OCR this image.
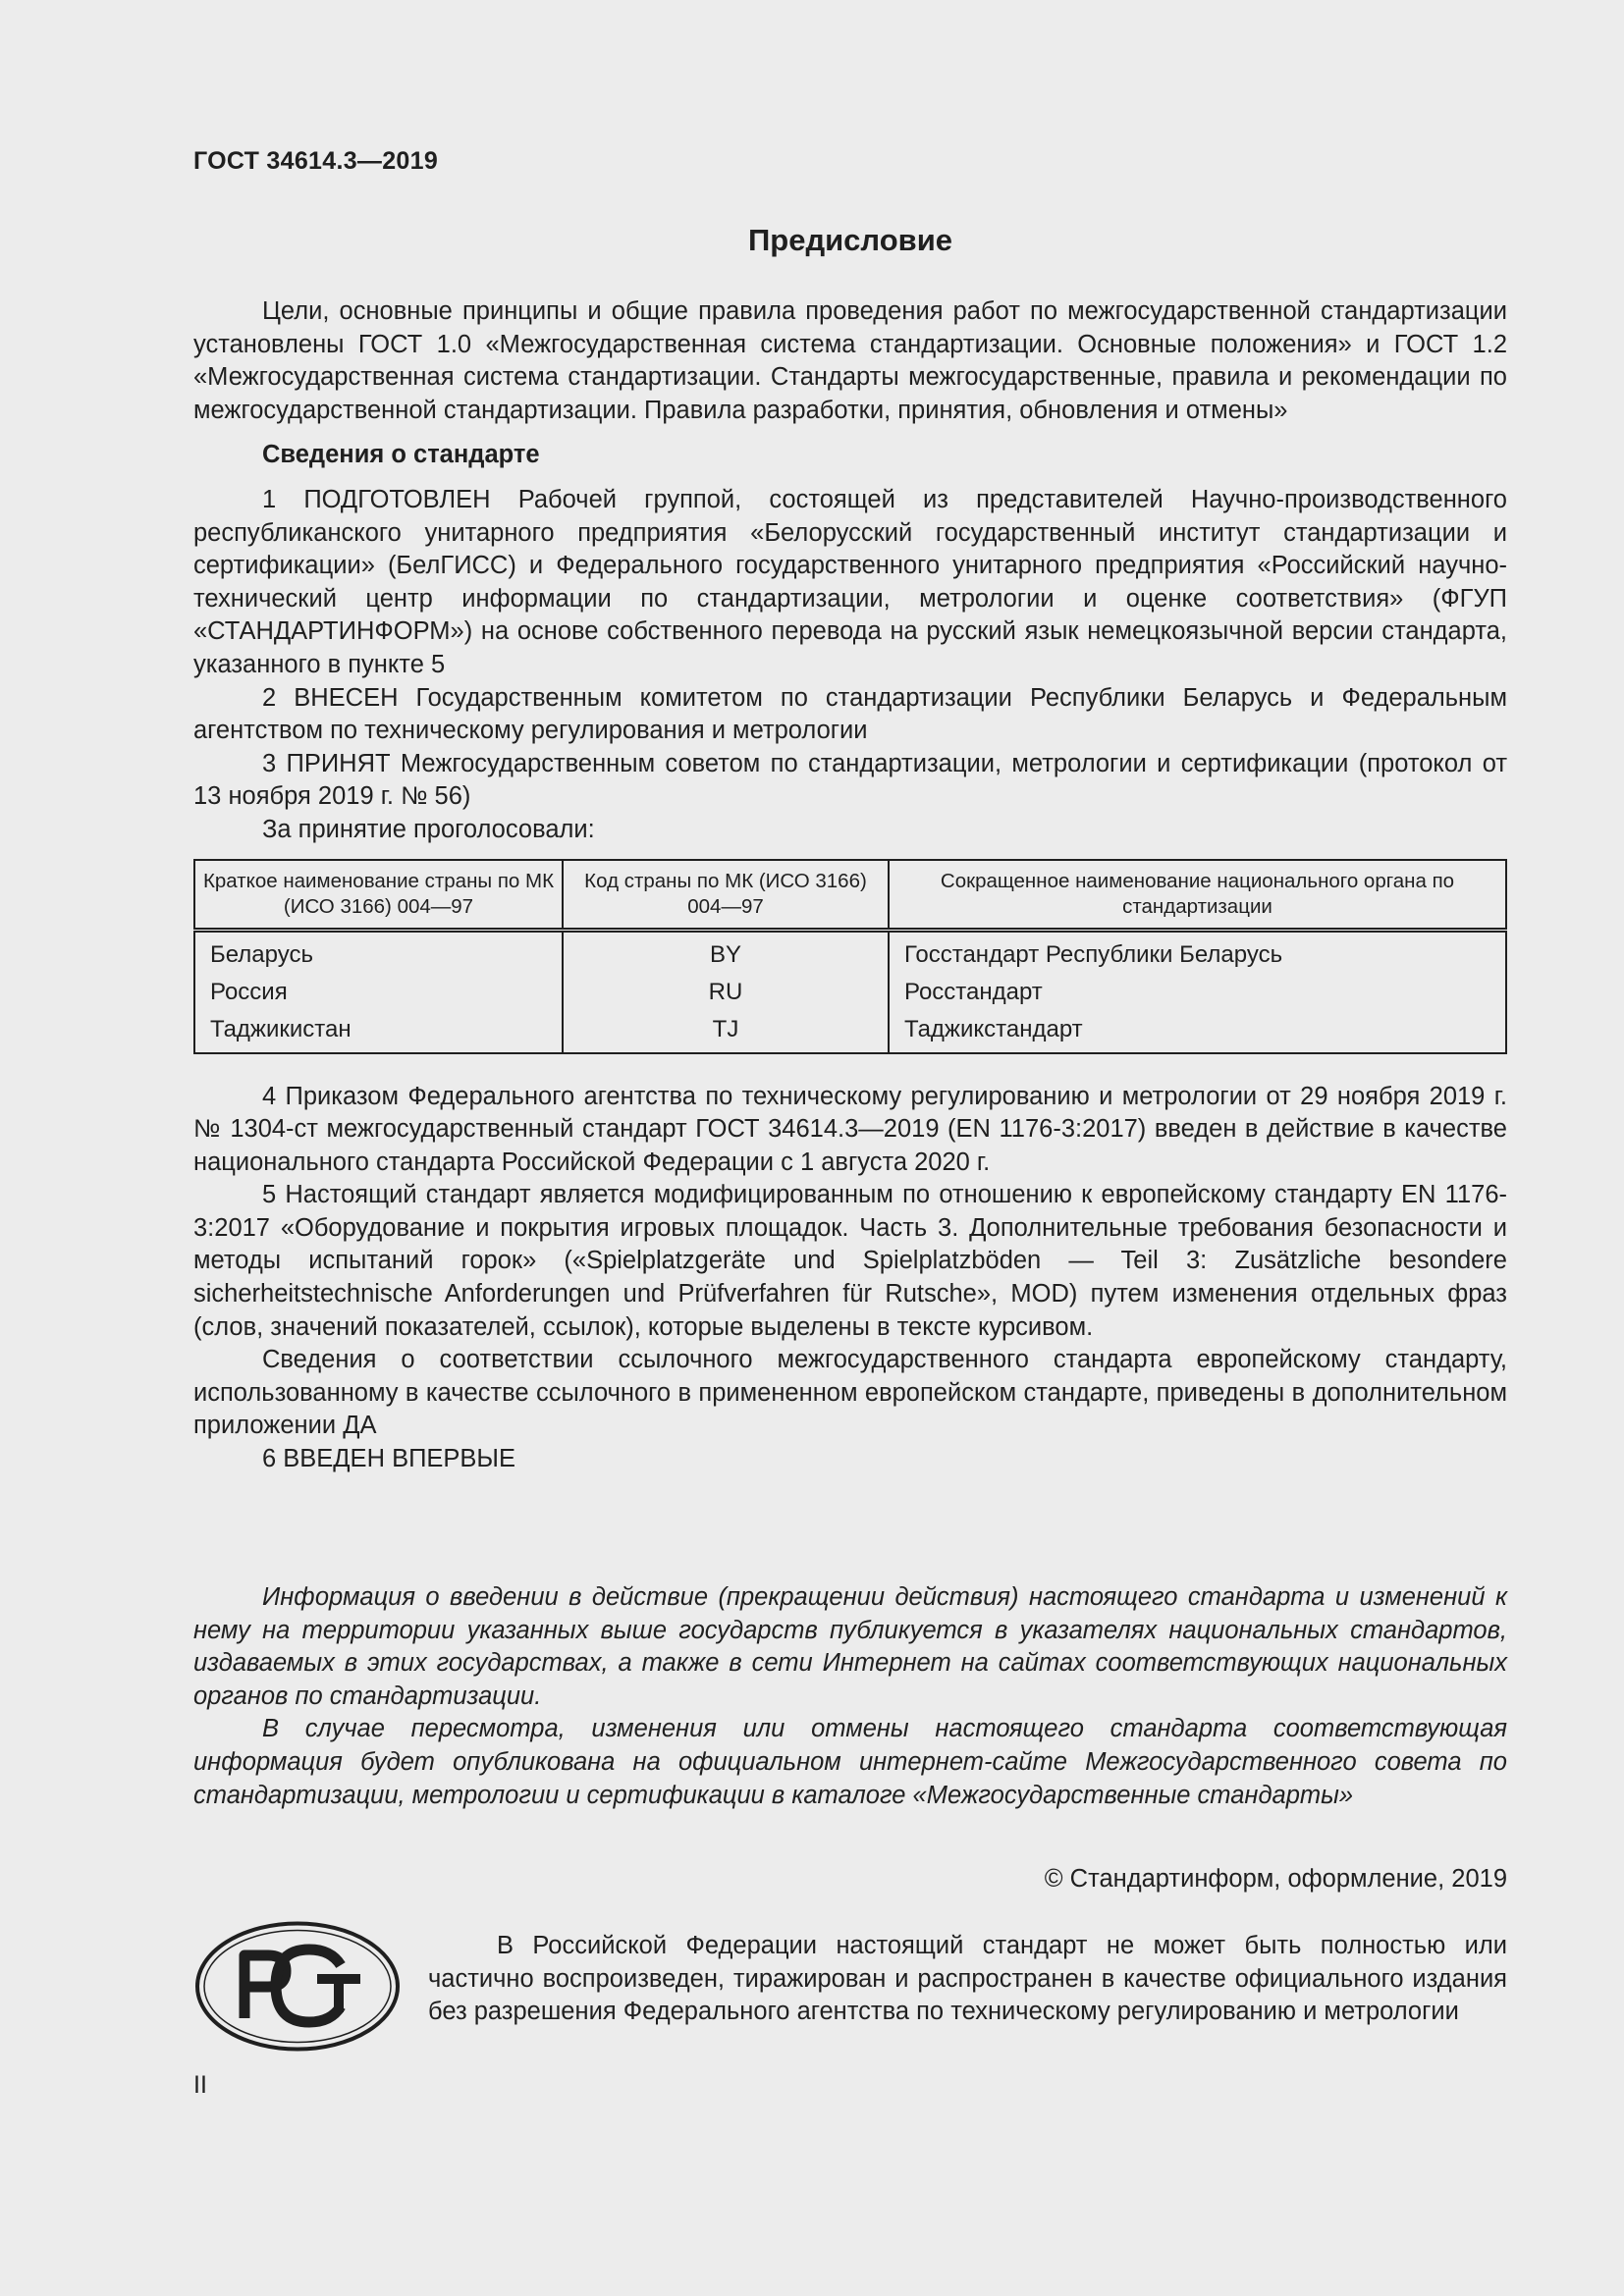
ГОСТ 34614.3—2019
Предисловие

Цели, основные принципы и общие правила проведения работ по межгосударственной стандартизации установлены ГОСТ 1.0 «Межгосударственная система стандартизации. Основные положения» и ГОСТ 1.2 «Межгосударственная система стандартизации. Стандарты межгосударственные, правила и рекомендации по межгосударственной стандартизации. Правила разработки, принятия, обновления и отмены»

Сведения о стандарте

1 ПОДГОТОВЛЕН Рабочей группой, состоящей из представителей Научно-производственного республиканского унитарного предприятия «Белорусский государственный институт стандартизации и сертификации» (БелГИСС) и Федерального государственного унитарного предприятия «Российский научно-технический центр информации по стандартизации, метрологии и оценке соответствия» (ФГУП «СТАНДАРТИНФОРМ») на основе собственного перевода на русский язык немецкоязычной версии стандарта, указанного в пункте 5

2 ВНЕСЕН Государственным комитетом по стандартизации Республики Беларусь и Федеральным агентством по техническому регулирования и метрологии

3 ПРИНЯТ Межгосударственным советом по стандартизации, метрологии и сертификации (протокол от 13 ноября 2019 г. № 56)

За принятие проголосовали:

Краткое наименование страны по МК (ИСО 3166) 004—97	Код страны по МК (ИСО 3166) 004—97	Сокращенное наименование национального органа по стандартизации
Беларусь	BY	Госстандарт Республики Беларусь
Россия	RU	Росстандарт
Таджикистан	TJ	Таджикстандарт

4 Приказом Федерального агентства по техническому регулированию и метрологии от 29 ноября 2019 г. № 1304-ст межгосударственный стандарт ГОСТ 34614.3—2019 (EN 1176-3:2017) введен в действие в качестве национального стандарта Российской Федерации с 1 августа 2020 г.

5 Настоящий стандарт является модифицированным по отношению к европейскому стандарту EN 1176-3:2017 «Оборудование и покрытия игровых площадок. Часть 3. Дополнительные требования безопасности и методы испытаний горок» («Spielplatzgeräte und Spielplatzböden — Teil 3: Zusätzliche besondere sicherheitstechnische Anforderungen und Prüfverfahren für Rutsche», MOD) путем изменения отдельных фраз (слов, значений показателей, ссылок), которые выделены в тексте курсивом.

Сведения о соответствии ссылочного межгосударственного стандарта европейскому стандарту, использованному в качестве ссылочного в примененном европейском стандарте, приведены в дополнительном приложении ДА

6 ВВЕДЕН ВПЕРВЫЕ

Информация о введении в действие (прекращении действия) настоящего стандарта и изменений к нему на территории указанных выше государств публикуется в указателях национальных стандартов, издаваемых в этих государствах, а также в сети Интернет на сайтах соответствующих национальных органов по стандартизации.

В случае пересмотра, изменения или отмены настоящего стандарта соответствующая информация будет опубликована на официальном интернет-сайте Межгосударственного совета по стандартизации, метрологии и сертификации в каталоге «Межгосударственные стандарты»

© Стандартинформ, оформление, 2019

В Российской Федерации настоящий стандарт не может быть полностью или частично воспроизведен, тиражирован и распространен в качестве официального издания без разрешения Федерального агентства по техническому регулированию и метрологии

II
